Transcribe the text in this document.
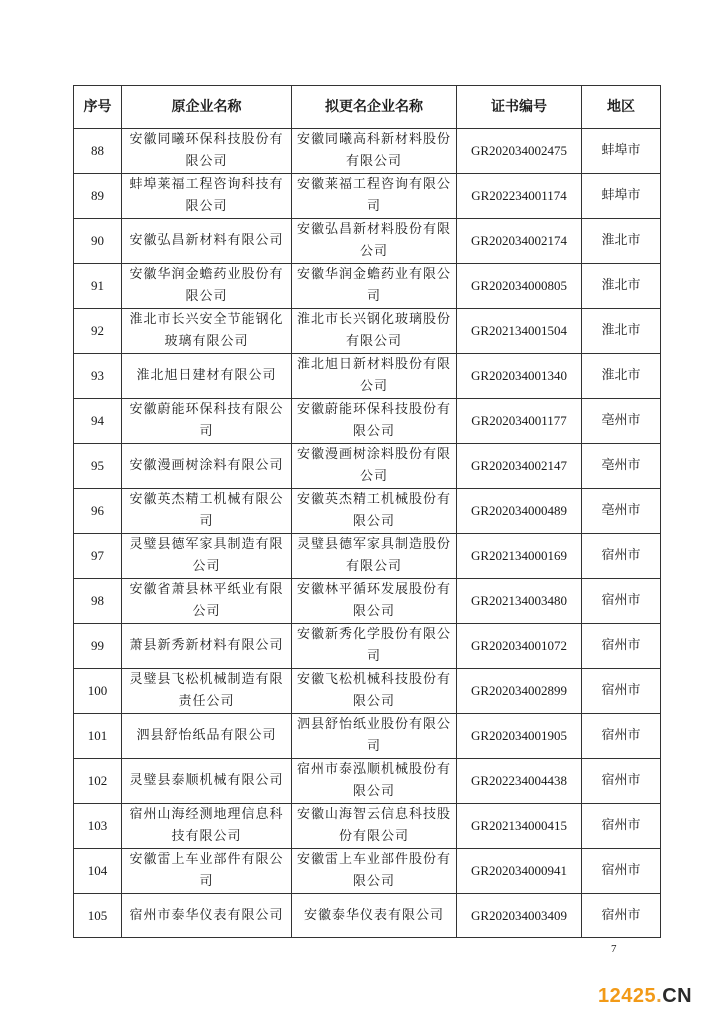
序号	原企业名称	拟更名企业名称	证书编号	地区
88	安徽同曦环保科技股份有限公司	安徽同曦高科新材料股份有限公司	GR202034002475	蚌埠市
89	蚌埠莱福工程咨询科技有限公司	安徽莱福工程咨询有限公司	GR202234001174	蚌埠市
90	安徽弘昌新材料有限公司	安徽弘昌新材料股份有限公司	GR202034002174	淮北市
91	安徽华润金蟾药业股份有限公司	安徽华润金蟾药业有限公司	GR202034000805	淮北市
92	淮北市长兴安全节能钢化玻璃有限公司	淮北市长兴钢化玻璃股份有限公司	GR202134001504	淮北市
93	淮北旭日建材有限公司	淮北旭日新材料股份有限公司	GR202034001340	淮北市
94	安徽蔚能环保科技有限公司	安徽蔚能环保科技股份有限公司	GR202034001177	亳州市
95	安徽漫画树涂料有限公司	安徽漫画树涂料股份有限公司	GR202034002147	亳州市
96	安徽英杰精工机械有限公司	安徽英杰精工机械股份有限公司	GR202034000489	亳州市
97	灵璧县德军家具制造有限公司	灵璧县德军家具制造股份有限公司	GR202134000169	宿州市
98	安徽省萧县林平纸业有限公司	安徽林平循环发展股份有限公司	GR202134003480	宿州市
99	萧县新秀新材料有限公司	安徽新秀化学股份有限公司	GR202034001072	宿州市
100	灵璧县飞松机械制造有限责任公司	安徽飞松机械科技股份有限公司	GR202034002899	宿州市
101	泗县舒怡纸品有限公司	泗县舒怡纸业股份有限公司	GR202034001905	宿州市
102	灵璧县泰顺机械有限公司	宿州市泰泓顺机械股份有限公司	GR202234004438	宿州市
103	宿州山海经测地理信息科技有限公司	安徽山海智云信息科技股份有限公司	GR202134000415	宿州市
104	安徽雷上车业部件有限公司	安徽雷上车业部件股份有限公司	GR202034000941	宿州市
105	宿州市泰华仪表有限公司	安徽泰华仪表有限公司	GR202034003409	宿州市
7
12425.CN
